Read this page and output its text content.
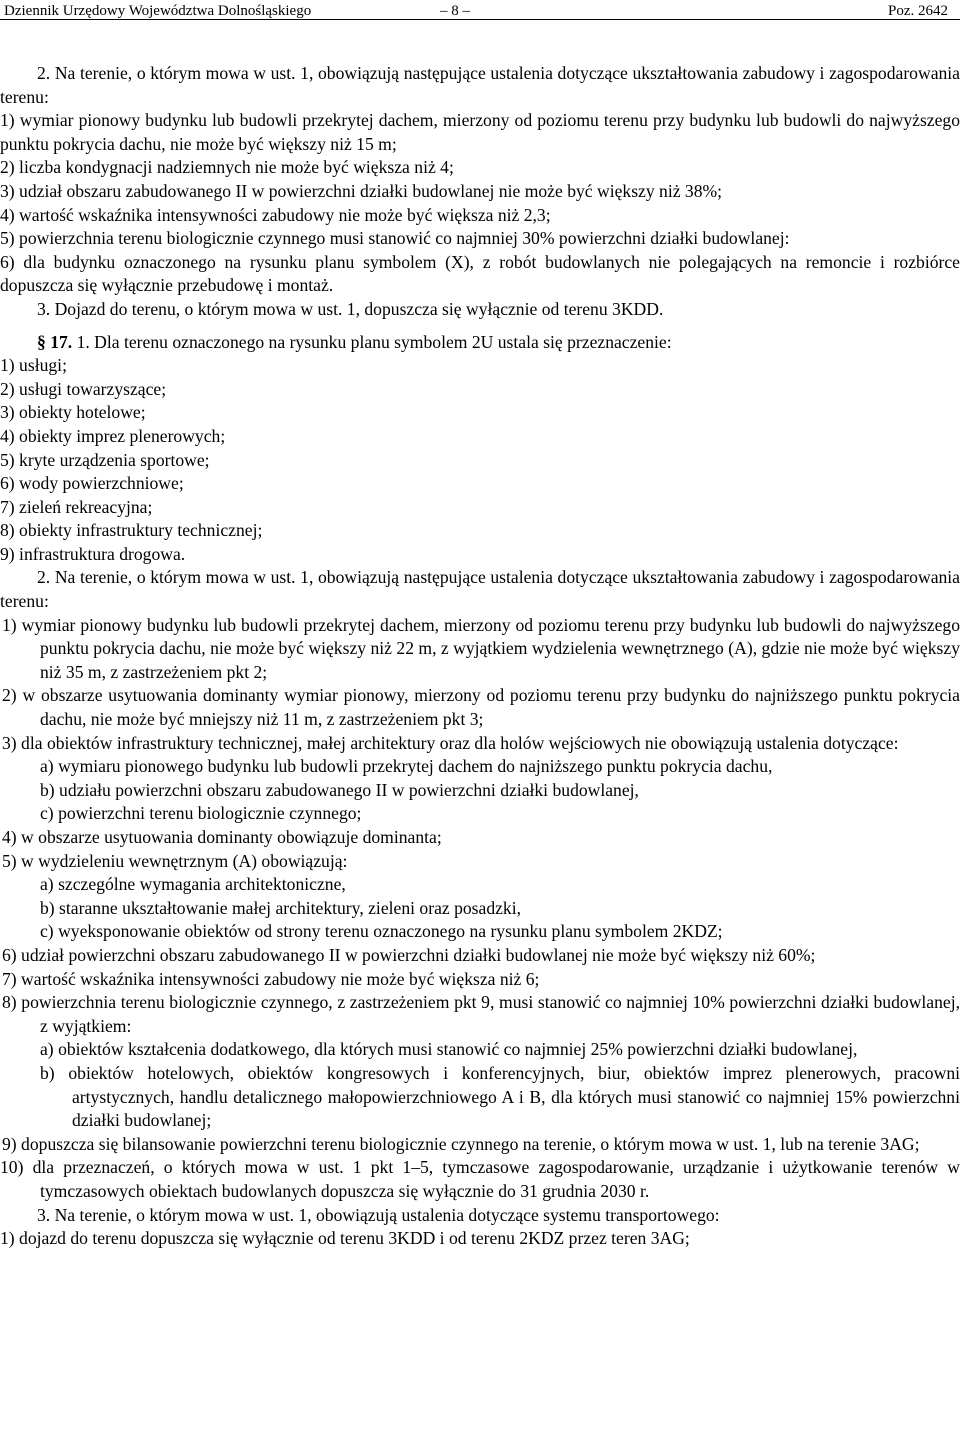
Dziennik Urzędowy Województwa Dolnośląskiego	– 8 –	Poz. 2642

2. Na terenie, o którym mowa w ust. 1, obowiązują następujące ustalenia dotyczące ukształtowania zabudowy i zagospodarowania terenu:

1) wymiar pionowy budynku lub budowli przekrytej dachem, mierzony od poziomu terenu przy budynku lub budowli do najwyższego punktu pokrycia dachu, nie może być większy niż 15 m;

2) liczba kondygnacji nadziemnych nie może być większa niż 4;

3) udział obszaru zabudowanego II w powierzchni działki budowlanej nie może być większy niż 38%;

4) wartość wskaźnika intensywności zabudowy nie może być większa niż 2,3;

5) powierzchnia terenu biologicznie czynnego musi stanowić co najmniej 30% powierzchni działki budowlanej:

6) dla budynku oznaczonego na rysunku planu symbolem (X), z robót budowlanych nie polegających na remoncie i rozbiórce dopuszcza się wyłącznie przebudowę i montaż.

3. Dojazd do terenu, o którym mowa w ust. 1, dopuszcza się wyłącznie od terenu 3KDD.

§ 17. 1. Dla terenu oznaczonego na rysunku planu symbolem 2U ustala się przeznaczenie:

1) usługi;

2) usługi towarzyszące;

3) obiekty hotelowe;

4) obiekty imprez plenerowych;

5) kryte urządzenia sportowe;

6) wody powierzchniowe;

7) zieleń rekreacyjna;

8) obiekty infrastruktury technicznej;

9) infrastruktura drogowa.

2. Na terenie, o którym mowa w ust. 1, obowiązują następujące ustalenia dotyczące ukształtowania zabudowy i zagospodarowania terenu:

1) wymiar pionowy budynku lub budowli przekrytej dachem, mierzony od poziomu terenu przy budynku lub budowli do najwyższego punktu pokrycia dachu, nie może być większy niż 22 m, z wyjątkiem wydzielenia wewnętrznego (A), gdzie nie może być większy niż 35 m, z zastrzeżeniem pkt 2;

2) w obszarze usytuowania dominanty wymiar pionowy, mierzony od poziomu terenu przy budynku do najniższego punktu pokrycia dachu, nie może być mniejszy niż 11 m, z zastrzeżeniem pkt 3;

3) dla obiektów infrastruktury technicznej, małej architektury oraz dla holów wejściowych nie obowiązują ustalenia dotyczące:

a) wymiaru pionowego budynku lub budowli przekrytej dachem do najniższego punktu pokrycia dachu,

b) udziału powierzchni obszaru zabudowanego II w powierzchni działki budowlanej,

c) powierzchni terenu biologicznie czynnego;

4) w obszarze usytuowania dominanty obowiązuje dominanta;

5) w wydzieleniu wewnętrznym (A) obowiązują:

a) szczególne wymagania architektoniczne,

b) staranne ukształtowanie małej architektury, zieleni oraz posadzki,

c) wyeksponowanie obiektów od strony terenu oznaczonego na rysunku planu symbolem 2KDZ;

6) udział powierzchni obszaru zabudowanego II w powierzchni działki budowlanej nie może być większy niż 60%;

7) wartość wskaźnika intensywności zabudowy nie może być większa niż 6;

8) powierzchnia terenu biologicznie czynnego, z zastrzeżeniem pkt 9, musi stanowić co najmniej 10% powierzchni działki budowlanej, z wyjątkiem:

a) obiektów kształcenia dodatkowego, dla których musi stanowić co najmniej 25% powierzchni działki budowlanej,

b) obiektów hotelowych, obiektów kongresowych i konferencyjnych, biur, obiektów imprez plenerowych, pracowni artystycznych, handlu detalicznego małopowierzchniowego A i B, dla których musi stanowić co najmniej 15% powierzchni działki budowlanej;

9) dopuszcza się bilansowanie powierzchni terenu biologicznie czynnego na terenie, o którym mowa w ust. 1, lub na terenie 3AG;

10) dla przeznaczeń, o których mowa w ust. 1 pkt 1–5, tymczasowe zagospodarowanie, urządzanie i użytkowanie terenów w tymczasowych obiektach budowlanych dopuszcza się wyłącznie do 31 grudnia 2030 r.

3. Na terenie, o którym mowa w ust. 1, obowiązują ustalenia dotyczące systemu transportowego:

1) dojazd do terenu dopuszcza się wyłącznie od terenu 3KDD i od terenu 2KDZ przez teren 3AG;
